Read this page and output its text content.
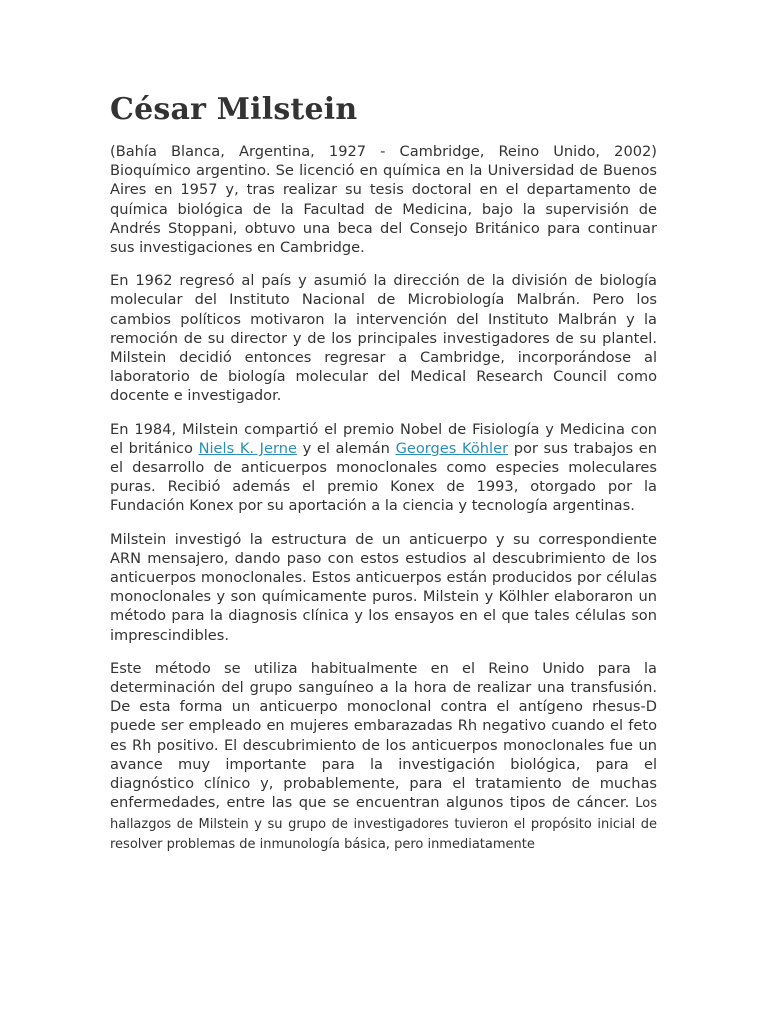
César Milstein

(Bahía Blanca, Argentina, 1927 - Cambridge, Reino Unido, 2002) Bioquímico argentino. Se licenció en química en la Universidad de Buenos Aires en 1957 y, tras realizar su tesis doctoral en el departamento de química biológica de la Facultad de Medicina, bajo la supervisión de Andrés Stoppani, obtuvo una beca del Consejo Británico para continuar sus investigaciones en Cambridge.

En 1962 regresó al país y asumió la dirección de la división de biología molecular del Instituto Nacional de Microbiología Malbrán. Pero los cambios políticos motivaron la intervención del Instituto Malbrán y la remoción de su director y de los principales investigadores de su plantel. Milstein decidió entonces regresar a Cambridge, incorporándose al laboratorio de biología molecular del Medical Research Council como docente e investigador.

En 1984, Milstein compartió el premio Nobel de Fisiología y Medicina con el británico Niels K. Jerne y el alemán Georges Köhler por sus trabajos en el desarrollo de anticuerpos monoclonales como especies moleculares puras. Recibió además el premio Konex de 1993, otorgado por la Fundación Konex por su aportación a la ciencia y tecnología argentinas.

Milstein investigó la estructura de un anticuerpo y su correspondiente ARN mensajero, dando paso con estos estudios al descubrimiento de los anticuerpos monoclonales. Estos anticuerpos están producidos por células monoclonales y son químicamente puros. Milstein y Kölhler elaboraron un método para la diagnosis clínica y los ensayos en el que tales células son imprescindibles.

Este método se utiliza habitualmente en el Reino Unido para la determinación del grupo sanguíneo a la hora de realizar una transfusión. De esta forma un anticuerpo monoclonal contra el antígeno rhesus-D puede ser empleado en mujeres embarazadas Rh negativo cuando el feto es Rh positivo. El descubrimiento de los anticuerpos monoclonales fue un avance muy importante para la investigación biológica, para el diagnóstico clínico y, probablemente, para el tratamiento de muchas enfermedades, entre las que se encuentran algunos tipos de cáncer. Los hallazgos de Milstein y su grupo de investigadores tuvieron el propósito inicial de resolver problemas de inmunología básica, pero inmediatamente
